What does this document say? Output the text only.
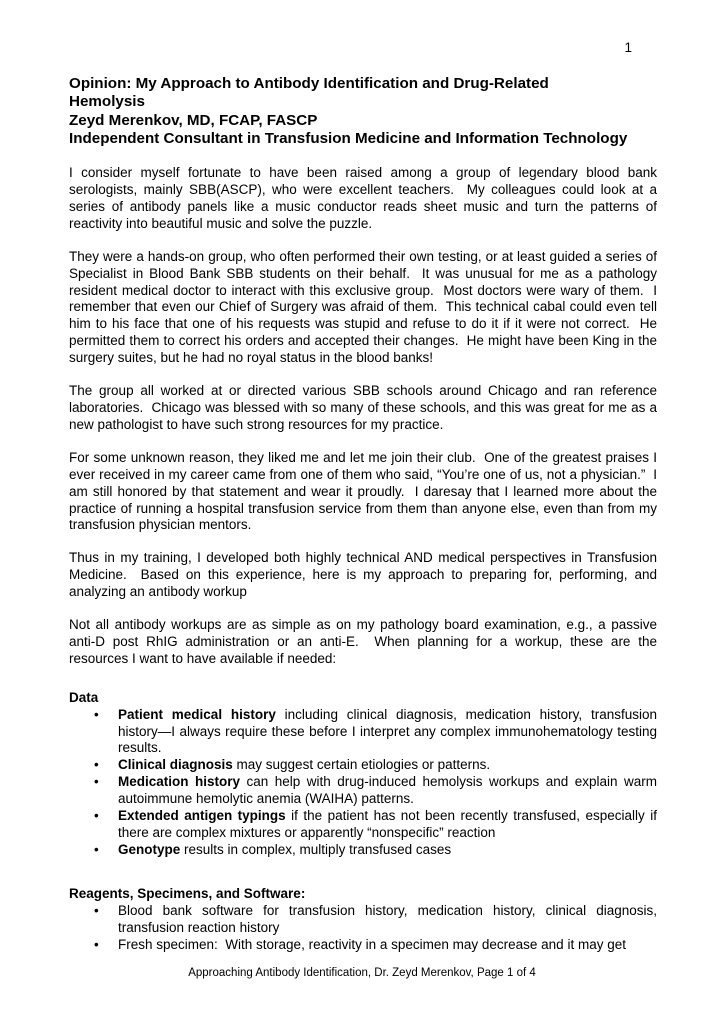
1
Opinion: My Approach to Antibody Identification and Drug-Related
Hemolysis
Zeyd Merenkov, MD, FCAP, FASCP
Independent Consultant in Transfusion Medicine and Information Technology

I consider myself fortunate to have been raised among a group of legendary blood bank serologists, mainly SBB(ASCP), who were excellent teachers.  My colleagues could look at a series of antibody panels like a music conductor reads sheet music and turn the patterns of reactivity into beautiful music and solve the puzzle.

They were a hands-on group, who often performed their own testing, or at least guided a series of Specialist in Blood Bank SBB students on their behalf.  It was unusual for me as a pathology resident medical doctor to interact with this exclusive group.  Most doctors were wary of them.  I remember that even our Chief of Surgery was afraid of them.  This technical cabal could even tell him to his face that one of his requests was stupid and refuse to do it if it were not correct.  He permitted them to correct his orders and accepted their changes.  He might have been King in the surgery suites, but he had no royal status in the blood banks!

The group all worked at or directed various SBB schools around Chicago and ran reference laboratories.  Chicago was blessed with so many of these schools, and this was great for me as a new pathologist to have such strong resources for my practice.

For some unknown reason, they liked me and let me join their club.  One of the greatest praises I ever received in my career came from one of them who said, “You’re one of us, not a physician.”  I am still honored by that statement and wear it proudly.  I daresay that I learned more about the practice of running a hospital transfusion service from them than anyone else, even than from my transfusion physician mentors.

Thus in my training, I developed both highly technical AND medical perspectives in Transfusion Medicine.  Based on this experience, here is my approach to preparing for, performing, and analyzing an antibody workup

Not all antibody workups are as simple as on my pathology board examination, e.g., a passive anti-D post RhIG administration or an anti-E.  When planning for a workup, these are the resources I want to have available if needed:

Data
• Patient medical history including clinical diagnosis, medication history, transfusion history—I always require these before I interpret any complex immunohematology testing results.
• Clinical diagnosis may suggest certain etiologies or patterns.
• Medication history can help with drug-induced hemolysis workups and explain warm autoimmune hemolytic anemia (WAIHA) patterns.
• Extended antigen typings if the patient has not been recently transfused, especially if there are complex mixtures or apparently “nonspecific” reaction
• Genotype results in complex, multiply transfused cases
Reagents, Specimens, and Software:
• Blood bank software for transfusion history, medication history, clinical diagnosis, transfusion reaction history
• Fresh specimen:  With storage, reactivity in a specimen may decrease and it may get
Approaching Antibody Identification, Dr. Zeyd Merenkov, Page 1 of 4
